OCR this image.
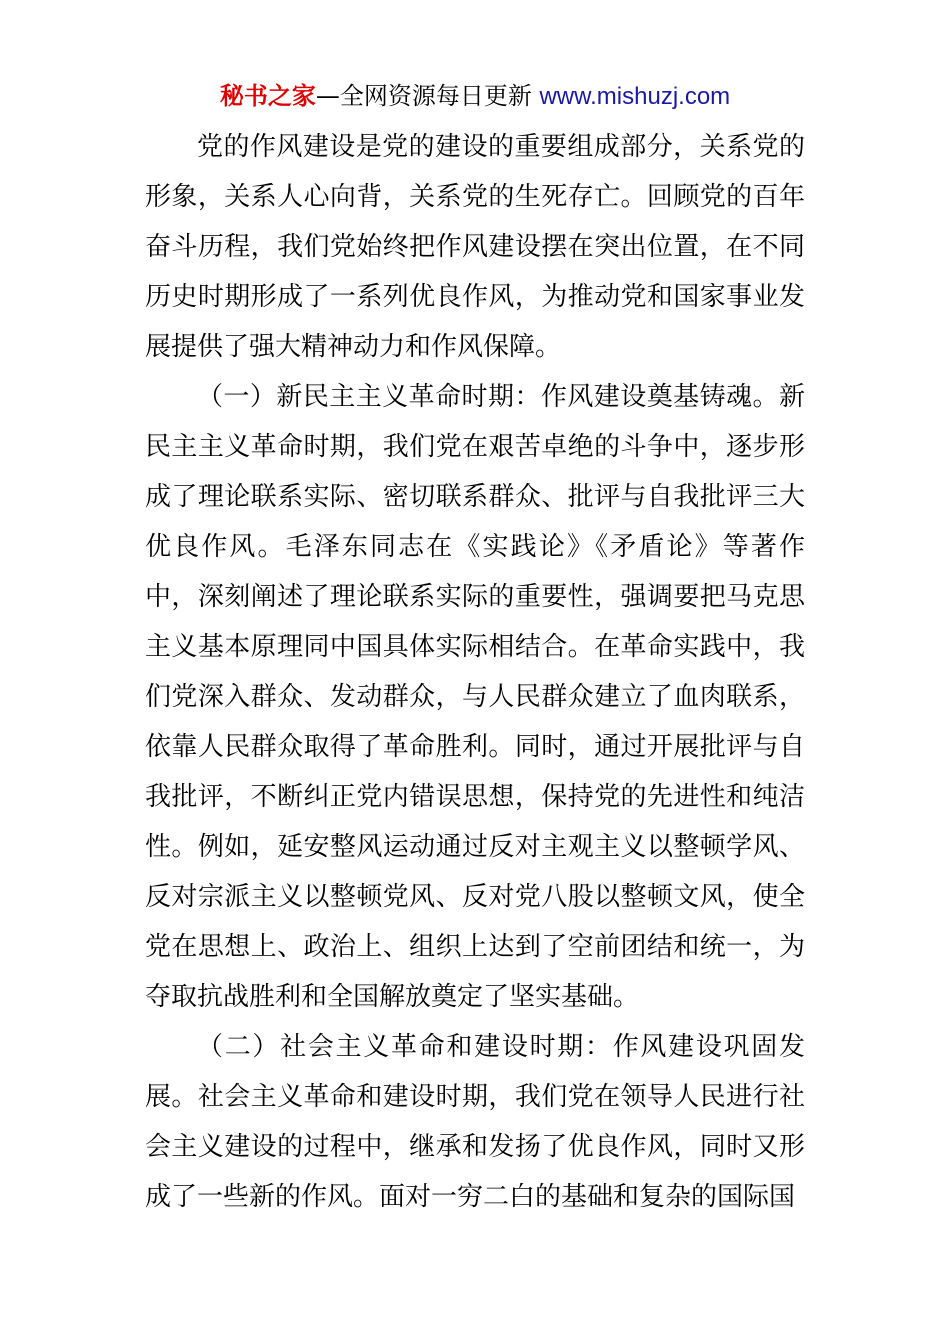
秘书之家—全网资源每日更新 www.mishuzj.com

党的作风建设是党的建设的重要组成部分，关系党的形象，关系人心向背，关系党的生死存亡。回顾党的百年奋斗历程，我们党始终把作风建设摆在突出位置，在不同历史时期形成了一系列优良作风，为推动党和国家事业发展提供了强大精神动力和作风保障。

（一）新民主主义革命时期：作风建设奠基铸魂。新民主主义革命时期，我们党在艰苦卓绝的斗争中，逐步形成了理论联系实际、密切联系群众、批评与自我批评三大优良作风。毛泽东同志在《实践论》《矛盾论》等著作中，深刻阐述了理论联系实际的重要性，强调要把马克思主义基本原理同中国具体实际相结合。在革命实践中，我们党深入群众、发动群众，与人民群众建立了血肉联系，依靠人民群众取得了革命胜利。同时，通过开展批评与自我批评，不断纠正党内错误思想，保持党的先进性和纯洁性。例如，延安整风运动通过反对主观主义以整顿学风、反对宗派主义以整顿党风、反对党八股以整顿文风，使全党在思想上、政治上、组织上达到了空前团结和统一，为夺取抗战胜利和全国解放奠定了坚实基础。

（二）社会主义革命和建设时期：作风建设巩固发展。社会主义革命和建设时期，我们党在领导人民进行社会主义建设的过程中，继承和发扬了优良作风，同时又形成了一些新的作风。面对一穷二白的基础和复杂的国际国
